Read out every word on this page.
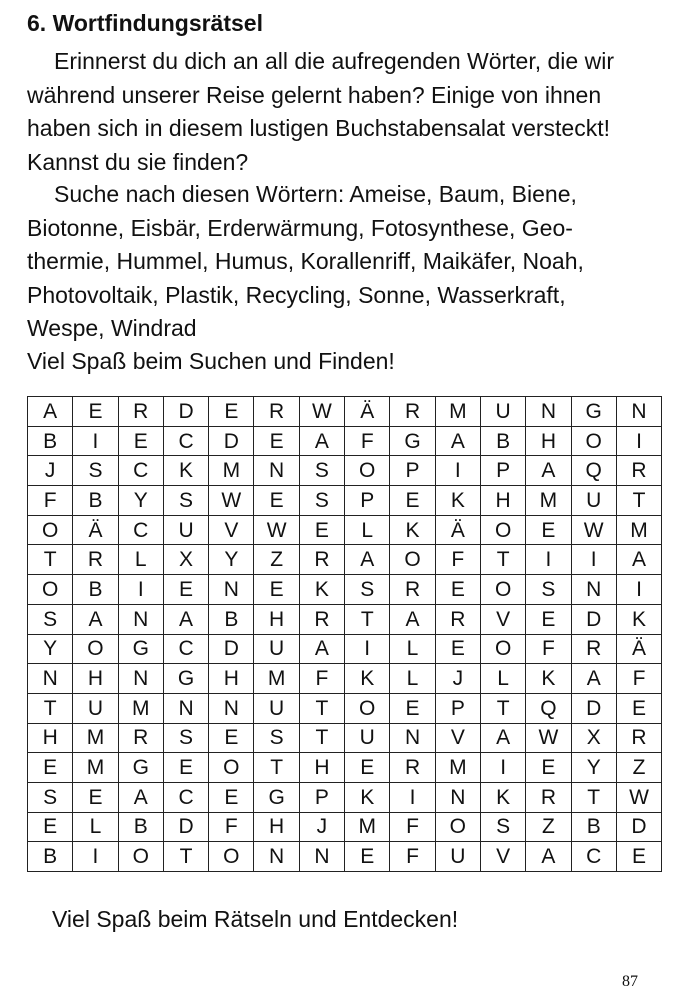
6. Wortfindungsrätsel

Erinnerst du dich an all die aufregenden Wörter, die wir während unserer Reise gelernt haben? Einige von ihnen haben sich in diesem lustigen Buchstabensalat versteckt! Kannst du sie finden?

Suche nach diesen Wörtern: Ameise, Baum, Biene, Biotonne, Eisbär, Erderwärmung, Fotosynthese, Geo-thermie, Hummel, Humus, Korallenriff, Maikäfer, Noah, Photovoltaik, Plastik, Recycling, Sonne, Wasserkraft, Wespe, Windrad

Viel Spaß beim Suchen und Finden!

A	E	R	D	E	R	W	Ä	R	M	U	N	G	N
B	I	E	C	D	E	A	F	G	A	B	H	O	I
J	S	C	K	M	N	S	O	P	I	P	A	Q	R
F	B	Y	S	W	E	S	P	E	K	H	M	U	T
O	Ä	C	U	V	W	E	L	K	Ä	O	E	W	M
T	R	L	X	Y	Z	R	A	O	F	T	I	I	A
O	B	I	E	N	E	K	S	R	E	O	S	N	I
S	A	N	A	B	H	R	T	A	R	V	E	D	K
Y	O	G	C	D	U	A	I	L	E	O	F	R	Ä
N	H	N	G	H	M	F	K	L	J	L	K	A	F
T	U	M	N	N	U	T	O	E	P	T	Q	D	E
H	M	R	S	E	S	T	U	N	V	A	W	X	R
E	M	G	E	O	T	H	E	R	M	I	E	Y	Z
S	E	A	C	E	G	P	K	I	N	K	R	T	W
E	L	B	D	F	H	J	M	F	O	S	Z	B	D
B	I	O	T	O	N	N	E	F	U	V	A	C	E

Viel Spaß beim Rätseln und Entdecken!

87
